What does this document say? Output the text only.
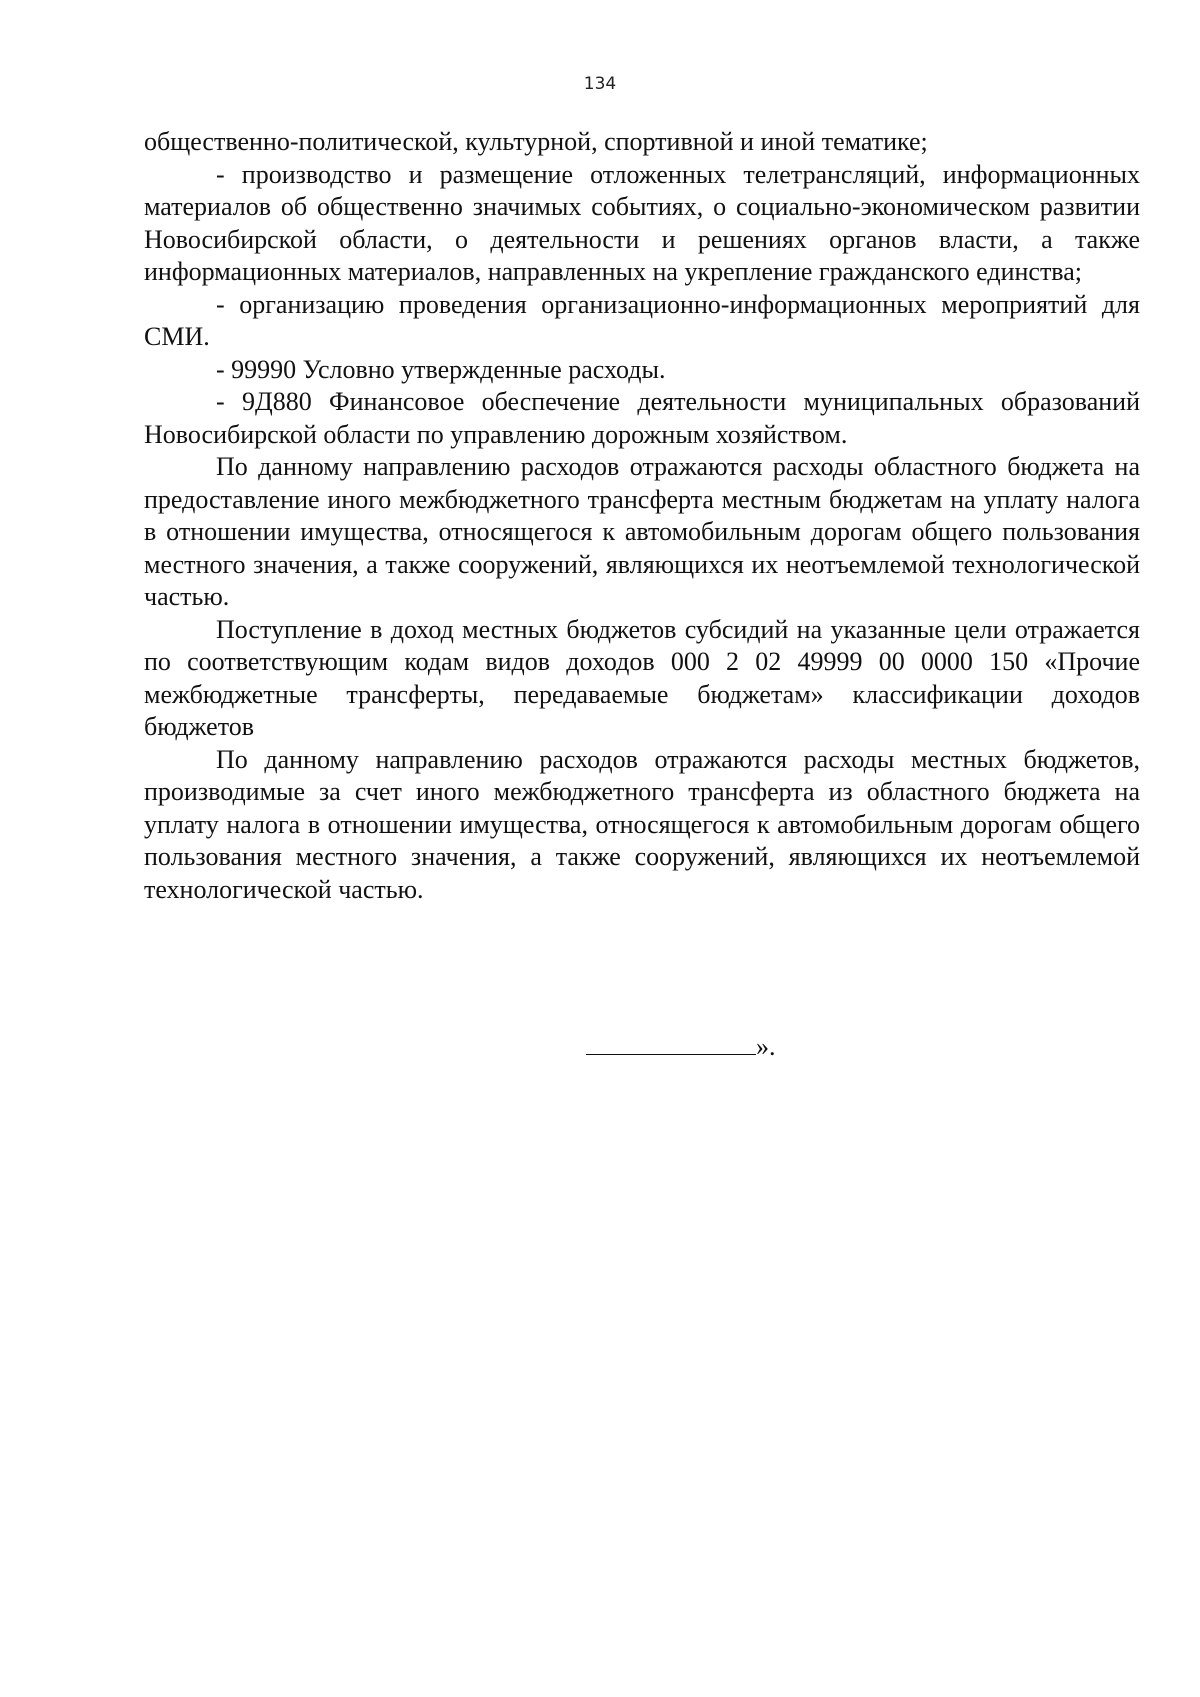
134

общественно-политической, культурной, спортивной и иной тематике;

- производство и размещение отложенных телетрансляций, информационных материалов об общественно значимых событиях, о социально-экономическом развитии Новосибирской области, о деятельности и решениях органов власти, а также информационных материалов, направленных на укрепление гражданского единства;

- организацию проведения организационно-информационных мероприятий для СМИ.

- 99990 Условно утвержденные расходы.

- 9Д880 Финансовое обеспечение деятельности муниципальных образований Новосибирской области по управлению дорожным хозяйством.

По данному направлению расходов отражаются расходы областного бюджета на предоставление иного межбюджетного трансферта местным бюджетам на уплату налога в отношении имущества, относящегося к автомобильным дорогам общего пользования местного значения, а также сооружений, являющихся их неотъемлемой технологической частью.

Поступление в доход местных бюджетов субсидий на указанные цели отражается по соответствующим кодам видов доходов 000 2 02 49999 00 0000 150 «Прочие межбюджетные трансферты, передаваемые бюджетам» классификации доходов бюджетов

По данному направлению расходов отражаются расходы местных бюджетов, производимые за счет иного межбюджетного трансферта из областного бюджета на уплату налога в отношении имущества, относящегося к автомобильным дорогам общего пользования местного значения, а также сооружений, являющихся их неотъемлемой технологической частью.

».
